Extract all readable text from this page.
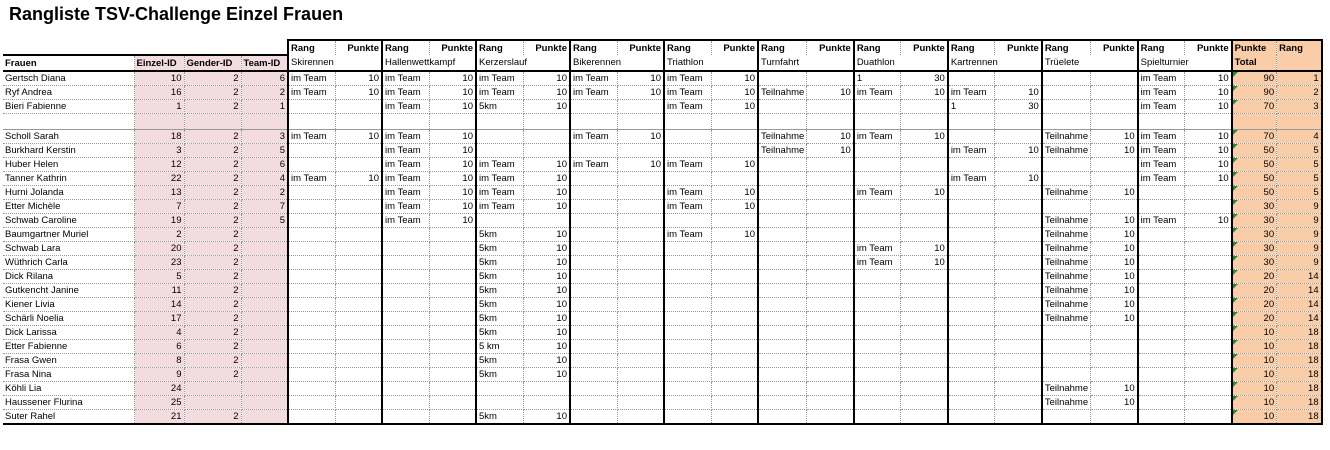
Rangliste TSV-Challenge Einzel Frauen
				Rang	Punkte	Rang	Punkte	Rang	Punkte	Rang	Punkte	Rang	Punkte	Rang	Punkte	Rang	Punkte	Rang	Punkte	Rang	Punkte	Rang	Punkte	Punkte	Rang
Frauen	Einzel-ID	Gender-ID	Team-ID	Skirennen		Hallenwettkampf		Kerzerslauf		Bikerennen		Triathlon		Turnfahrt		Duathlon		Kartrennen		Trüelete		Spielturnier		Total	
Gertsch Diana	10	2	6	im Team	10	im Team	10	im Team	10	im Team	10	im Team	10			1	30					im Team	10	90	1
Ryf Andrea	16	2	2	im Team	10	im Team	10	im Team	10	im Team	10	im Team	10	Teilnahme	10	im Team	10	im Team	10			im Team	10	90	2
Bieri Fabienne	1	2	1			im Team	10	5km	10			im Team	10					1	30			im Team	10	70	3

Scholl Sarah	18	2	3	im Team	10	im Team	10			im Team	10			Teilnahme	10	im Team	10			Teilnahme	10	im Team	10	70	4
Burkhard Kerstin	3	2	5			im Team	10							Teilnahme	10			im Team	10	Teilnahme	10	im Team	10	50	5
Huber Helen	12	2	6			im Team	10	im Team	10	im Team	10	im Team	10									im Team	10	50	5
Tanner Kathrin	22	2	4	im Team	10	im Team	10	im Team	10									im Team	10			im Team	10	50	5
Hurni Jolanda	13	2	2			im Team	10	im Team	10			im Team	10			im Team	10			Teilnahme	10			50	5
Etter Michèle	7	2	7			im Team	10	im Team	10			im Team	10											30	9
Schwab Caroline	19	2	5			im Team	10													Teilnahme	10	im Team	10	30	9
Baumgartner Muriel	2	2						5km	10			im Team	10							Teilnahme	10			30	9
Schwab Lara	20	2						5km	10							im Team	10			Teilnahme	10			30	9
Wüthrich Carla	23	2						5km	10							im Team	10			Teilnahme	10			30	9
Dick Rilana	5	2						5km	10											Teilnahme	10			20	14
Gutkencht Janine	11	2						5km	10											Teilnahme	10			20	14
Kiener Livia	14	2						5km	10											Teilnahme	10			20	14
Schärli Noelia	17	2						5km	10											Teilnahme	10			20	14
Dick Larissa	4	2						5km	10															10	18
Etter Fabienne	6	2						5 km	10															10	18
Frasa Gwen	8	2						5km	10															10	18
Frasa Nina	9	2						5km	10															10	18
Köhli Lia	24																			Teilnahme	10			10	18
Haussener Flurina	25																			Teilnahme	10			10	18
Suter Rahel	21	2						5km	10															10	18
